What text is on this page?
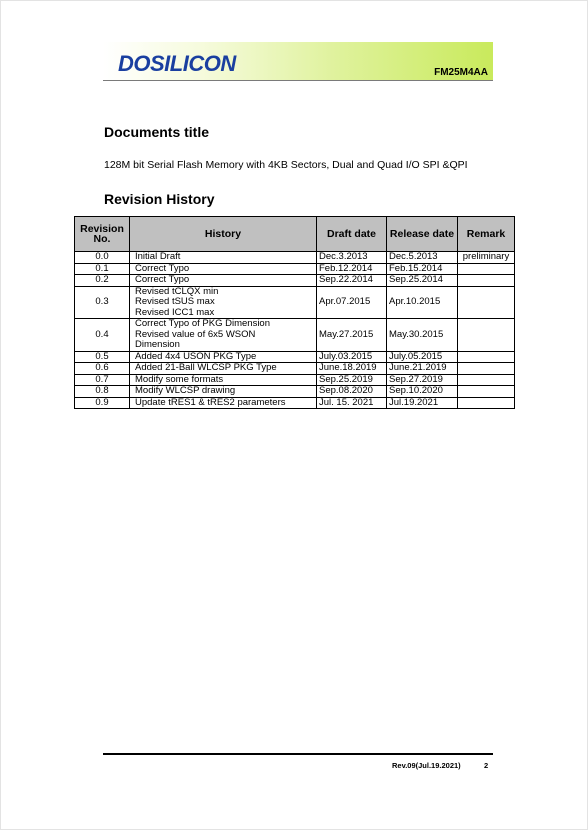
DOSILICON	FM25M4AA
Documents title
128M bit Serial Flash Memory with 4KB Sectors, Dual and Quad I/O SPI &QPI
Revision History
Revision No.	History	Draft date	Release date	Remark
0.0	Initial Draft	Dec.3.2013	Dec.5.2013	preliminary
0.1	Correct Typo	Feb.12.2014	Feb.15.2014	
0.2	Correct Typo	Sep.22.2014	Sep.25.2014	
0.3	Revised tCLQX min
Revised tSUS max
Revised ICC1 max	Apr.07.2015	Apr.10.2015	
0.4	Correct Typo of PKG Dimension
Revised value of 6x5 WSON
Dimension	May.27.2015	May.30.2015	
0.5	Added 4x4 USON PKG Type	July.03.2015	July.05.2015	
0.6	Added 21-Ball WLCSP PKG Type	June.18.2019	June.21.2019	
0.7	Modify some formats	Sep.25.2019	Sep.27.2019	
0.8	Modify WLCSP drawing	Sep.08.2020	Sep.10.2020	
0.9	Update tRES1 & tRES2 parameters	Jul. 15. 2021	Jul.19.2021	
Rev.09(Jul.19.2021)	2
